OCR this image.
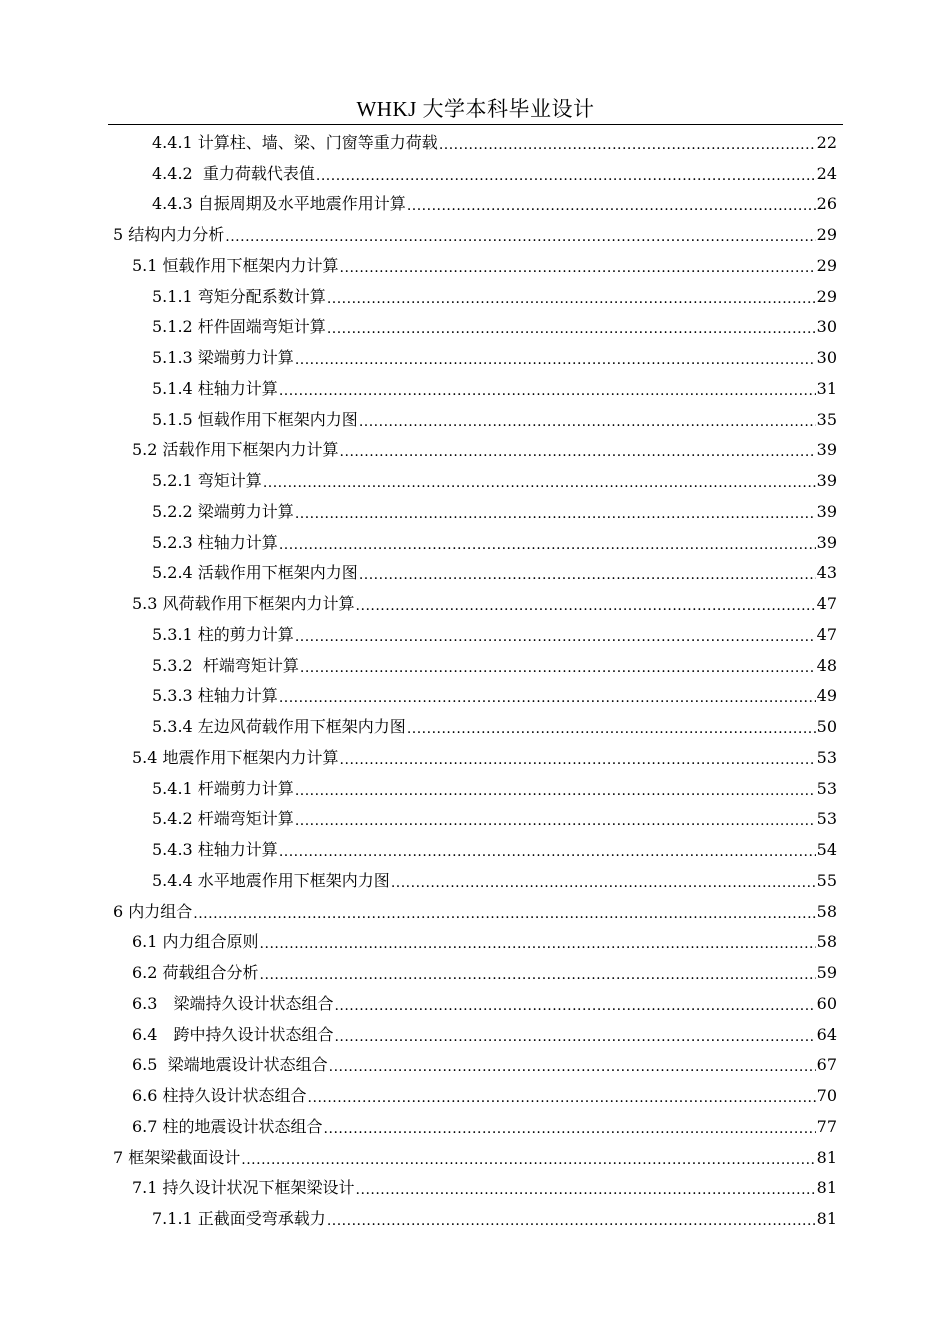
WHKJ 大学本科毕业设计
4.4.1 计算柱、墙、梁、门窗等重力荷载 .....	22
4.4.2  重力荷载代表值 .....	24
4.4.3 自振周期及水平地震作用计算 .....	26
5 结构内力分析 .....	29
5.1 恒载作用下框架内力计算 .....	29
5.1.1 弯矩分配系数计算 .....	29
5.1.2 杆件固端弯矩计算 .....	30
5.1.3 梁端剪力计算 .....	30
5.1.4 柱轴力计算 .....	31
5.1.5 恒载作用下框架内力图 .....	35
5.2 活载作用下框架内力计算 .....	39
5.2.1 弯矩计算 .....	39
5.2.2 梁端剪力计算 .....	39
5.2.3 柱轴力计算 .....	39
5.2.4 活载作用下框架内力图 .....	43
5.3 风荷载作用下框架内力计算 .....	47
5.3.1 柱的剪力计算 .....	47
5.3.2  杆端弯矩计算 .....	48
5.3.3 柱轴力计算 .....	49
5.3.4 左边风荷载作用下框架内力图 .....	50
5.4 地震作用下框架内力计算 .....	53
5.4.1 杆端剪力计算 .....	53
5.4.2 杆端弯矩计算 .....	53
5.4.3 柱轴力计算 .....	54
5.4.4 水平地震作用下框架内力图 .....	55
6 内力组合 .....	58
6.1 内力组合原则 .....	58
6.2 荷载组合分析 .....	59
6.3　梁端持久设计状态组合 .....	60
6.4　跨中持久设计状态组合 .....	64
6.5  梁端地震设计状态组合 .....	67
6.6 柱持久设计状态组合 .....	70
6.7 柱的地震设计状态组合 .....	77
7 框架梁截面设计 .....	81
7.1 持久设计状况下框架梁设计 .....	81
7.1.1 正截面受弯承载力 .....	81
